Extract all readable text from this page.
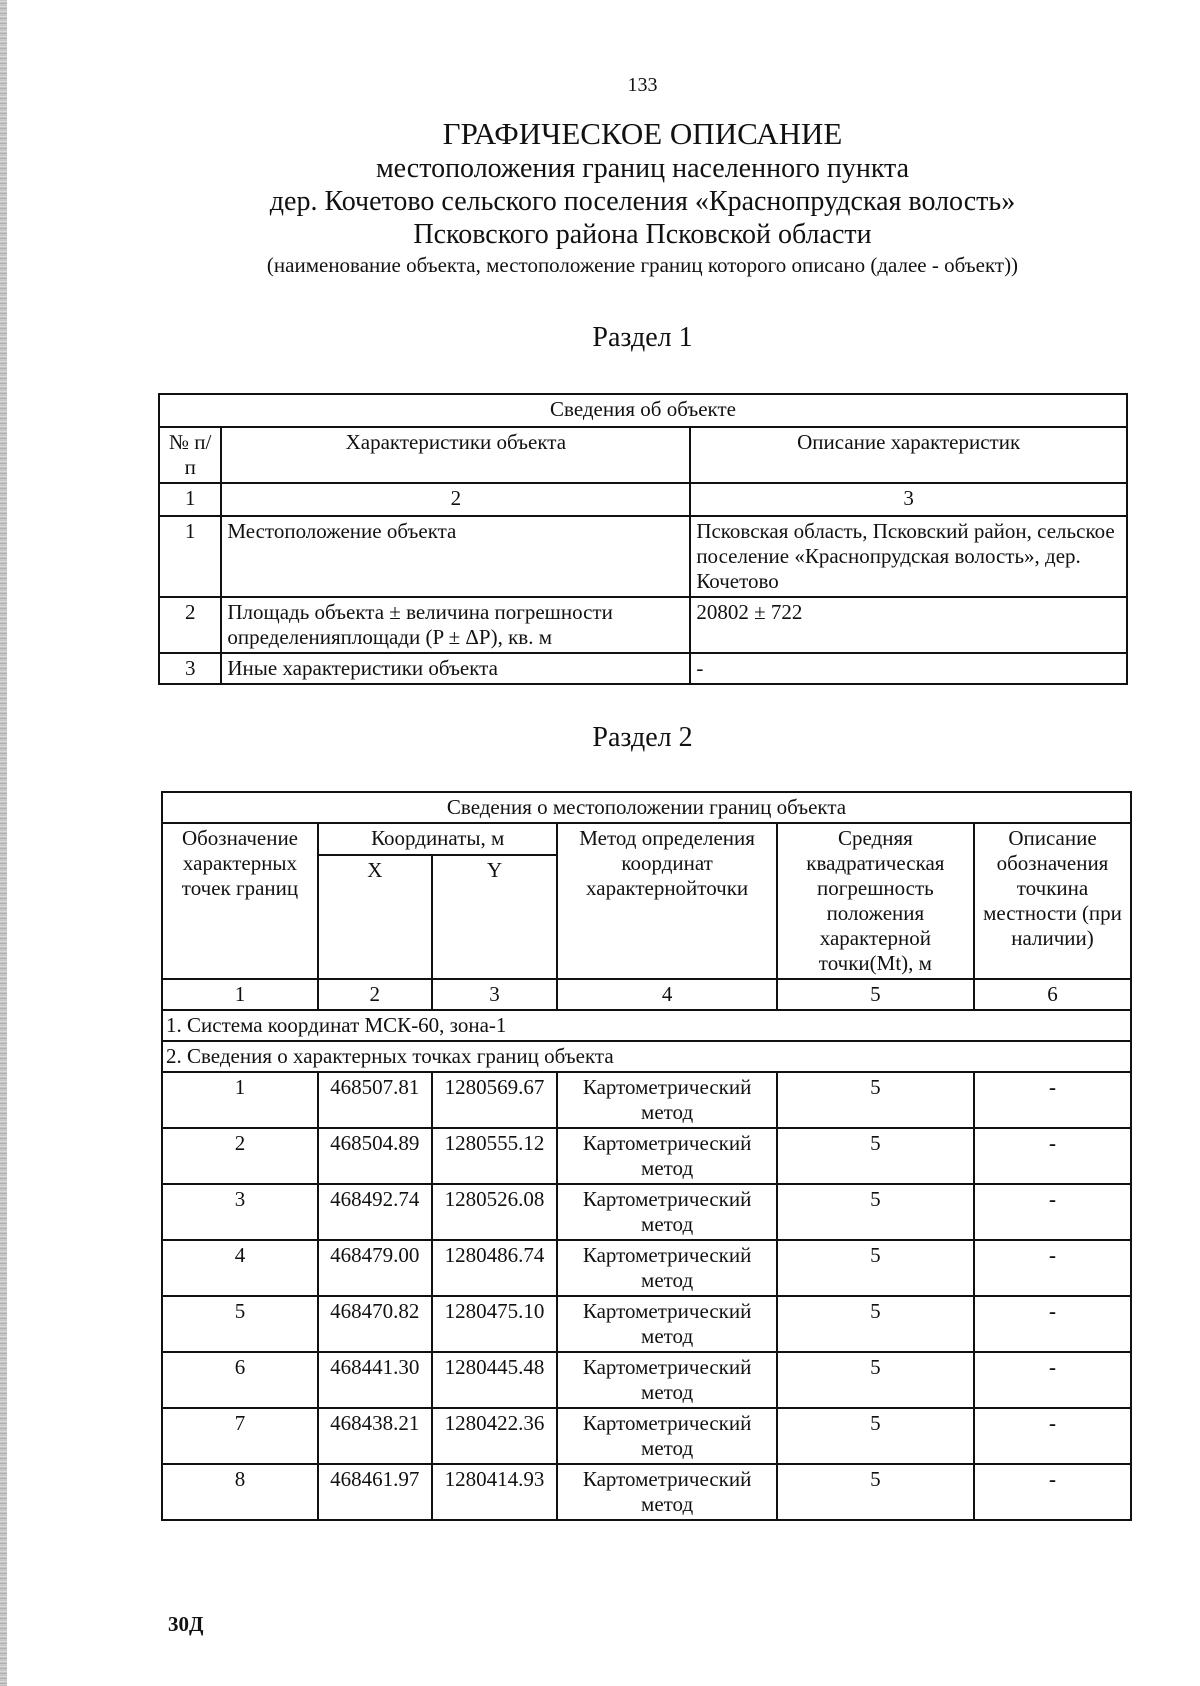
133
ГРАФИЧЕСКОЕ ОПИСАНИЕ
местоположения границ населенного пункта
дер. Кочетово сельского поселения «Краснопрудская волость»
Псковского района Псковской области
(наименование объекта, местоположение границ которого описано (далее - объект))
Раздел 1
Сведения об объекте		
№ п/п	Характеристики объекта	Описание характеристик
1	2	3
1	Местоположение объекта	Псковская область, Псковский район, сельское поселение «Краснопрудская волость», дер. Кочетово
2	Площадь объекта ± величина погрешности определенияплощади (P ± ΔP), кв. м	20802 ± 722
3	Иные характеристики объекта	-
Раздел 2
Сведения о местоположении границ объекта					
Обозначение характерных точек границ	Координаты, м		Метод определения координат характернойточки	Средняя квадратическая погрешность положения характерной точки(Mt), м	Описание обозначения точкина местности (при наличии)
	X	Y			
1	2	3	4	5	6
1. Система координат МСК-60, зона-1					
2. Сведения о характерных точках границ объекта					
1	468507.81	1280569.67	Картометрический метод	5	-
2	468504.89	1280555.12	Картометрический метод	5	-
3	468492.74	1280526.08	Картометрический метод	5	-
4	468479.00	1280486.74	Картометрический метод	5	-
5	468470.82	1280475.10	Картометрический метод	5	-
6	468441.30	1280445.48	Картометрический метод	5	-
7	468438.21	1280422.36	Картометрический метод	5	-
8	468461.97	1280414.93	Картометрический метод	5	-
30Д
